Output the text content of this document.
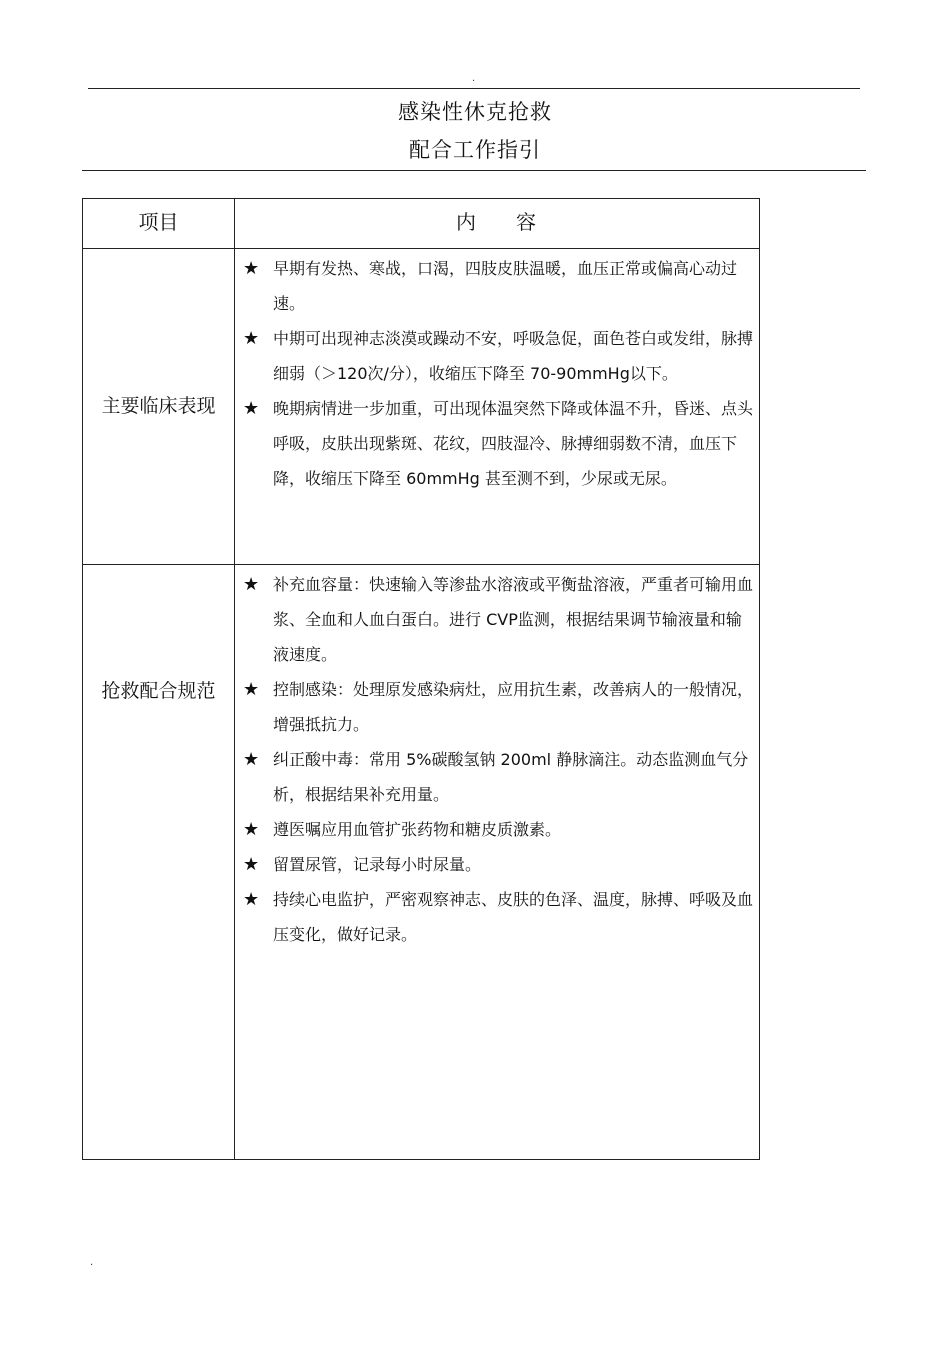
.
感染性休克抢救
配合工作指引
项目	内 容
主要临床表现
★ 早期有发热、寒战，口渴，四肢皮肤温暖，血压正常或偏高心动过速。
★ 中期可出现神志淡漠或躁动不安，呼吸急促，面色苍白或发绀，脉搏细弱（＞120次/分），收缩压下降至 70-90mmHg以下。
★ 晚期病情进一步加重，可出现体温突然下降或体温不升，昏迷、点头呼吸，皮肤出现紫斑、花纹，四肢湿冷、脉搏细弱数不清，血压下降，收缩压下降至 60mmHg 甚至测不到，少尿或无尿。
抢救配合规范
★ 补充血容量：快速输入等渗盐水溶液或平衡盐溶液，严重者可输用血浆、全血和人血白蛋白。进行 CVP监测，根据结果调节输液量和输液速度。
★ 控制感染：处理原发感染病灶，应用抗生素，改善病人的一般情况，增强抵抗力。
★ 纠正酸中毒：常用 5%碳酸氢钠 200ml 静脉滴注。动态监测血气分析，根据结果补充用量。
★ 遵医嘱应用血管扩张药物和糖皮质激素。
★ 留置尿管，记录每小时尿量。
★ 持续心电监护，严密观察神志、皮肤的色泽、温度，脉搏、呼吸及血压变化，做好记录。
.
